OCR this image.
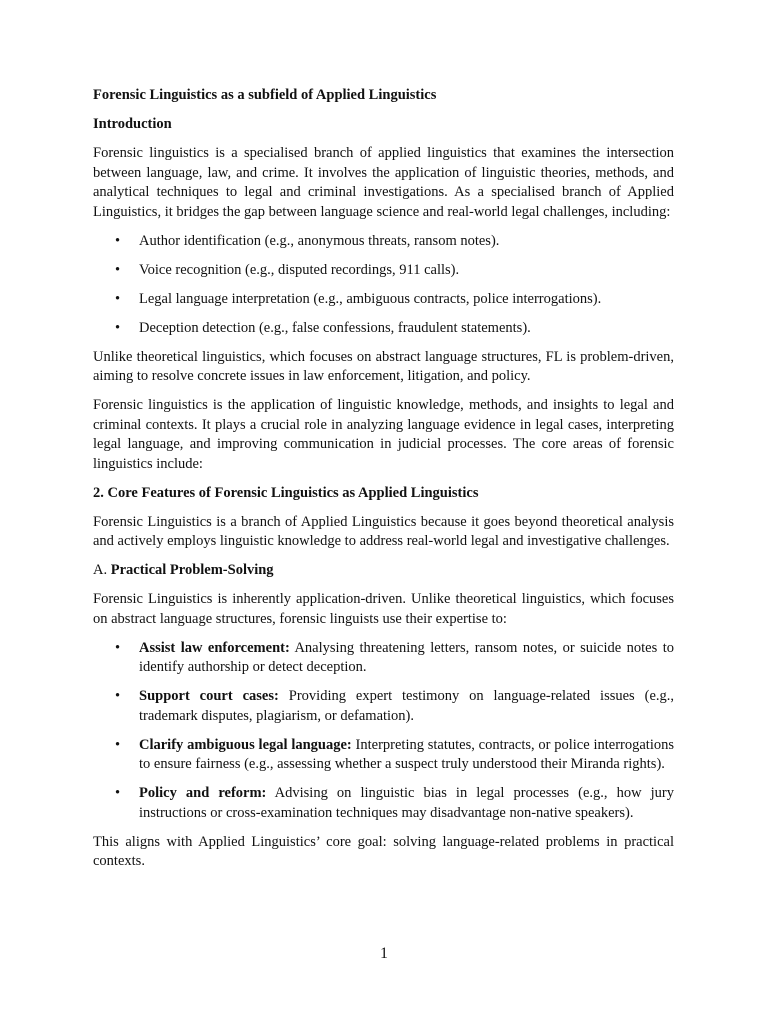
Forensic Linguistics as a subfield of Applied Linguistics

Introduction

Forensic linguistics is a specialised branch of applied linguistics that examines the intersection between language, law, and crime. It involves the application of linguistic theories, methods, and analytical techniques to legal and criminal investigations. As a specialised branch of Applied Linguistics, it bridges the gap between language science and real-world legal challenges, including:

• Author identification (e.g., anonymous threats, ransom notes).
• Voice recognition (e.g., disputed recordings, 911 calls).
• Legal language interpretation (e.g., ambiguous contracts, police interrogations).
• Deception detection (e.g., false confessions, fraudulent statements).

Unlike theoretical linguistics, which focuses on abstract language structures, FL is problem-driven, aiming to resolve concrete issues in law enforcement, litigation, and policy.

Forensic linguistics is the application of linguistic knowledge, methods, and insights to legal and criminal contexts. It plays a crucial role in analyzing language evidence in legal cases, interpreting legal language, and improving communication in judicial processes. The core areas of forensic linguistics include:

2. Core Features of Forensic Linguistics as Applied Linguistics

Forensic Linguistics is a branch of Applied Linguistics because it goes beyond theoretical analysis and actively employs linguistic knowledge to address real-world legal and investigative challenges.

A. Practical Problem-Solving

Forensic Linguistics is inherently application-driven. Unlike theoretical linguistics, which focuses on abstract language structures, forensic linguists use their expertise to:

• Assist law enforcement: Analysing threatening letters, ransom notes, or suicide notes to identify authorship or detect deception.
• Support court cases: Providing expert testimony on language-related issues (e.g., trademark disputes, plagiarism, or defamation).
• Clarify ambiguous legal language: Interpreting statutes, contracts, or police interrogations to ensure fairness (e.g., assessing whether a suspect truly understood their Miranda rights).
• Policy and reform: Advising on linguistic bias in legal processes (e.g., how jury instructions or cross-examination techniques may disadvantage non-native speakers).

This aligns with Applied Linguistics’ core goal: solving language-related problems in practical contexts.

1
